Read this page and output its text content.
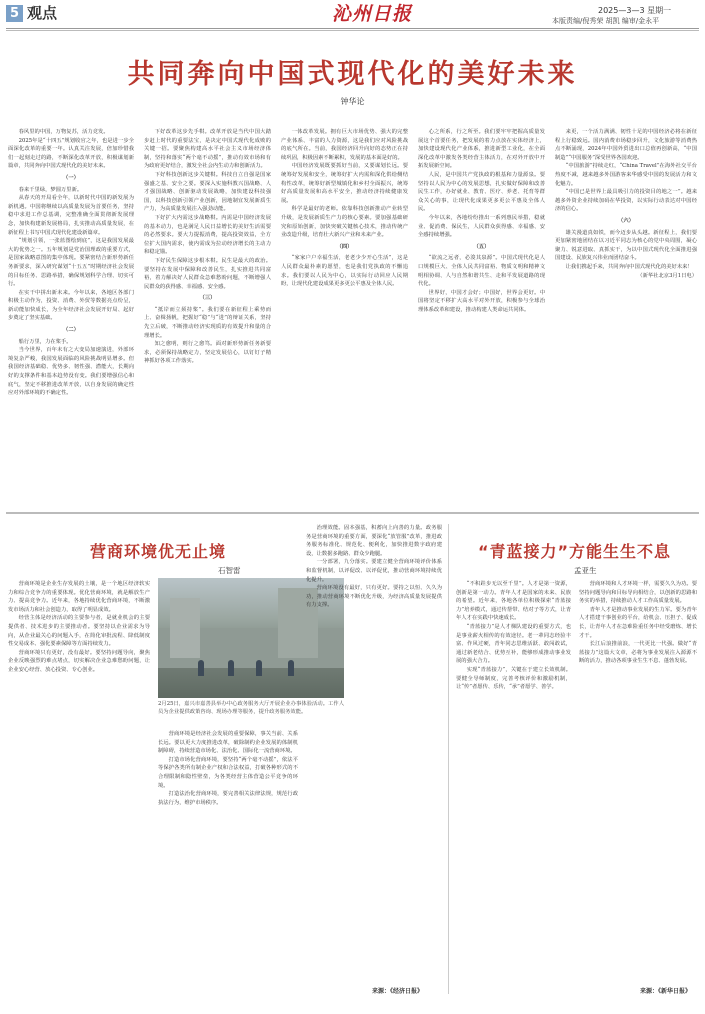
5 观点	沁州日报	2025—3—3 星期一
本版责编/倪秀荣 胡凯 编审/金永平
共同奔向中国式现代化的美好未来
钟华论

春风里的中国，万物复苏，活力竞发。

2025年是“十四五”规划收官之年，也是进一步全面深化改革的重要一年。认真关注发展，倍加珍惜我们一起刻走过的路，不断深化改革开放，积极谋划新篇章，共同奔向中国式现代化的美好未来。

（一）

春来千里绿，梦圆万里新。

从春天的开局看全年，以新时代中国的新发展为新机遇。中国将继续以高质量发展为首要任务，坚持稳中求进工作总基调，完整准确全面贯彻新发展理念，加快构建新发展格局，扎实推动高质量发展，在新征程上书写中国式现代化建设新篇章。

“规划引领，一张蓝图绘到底”，这是我国发展最大的优势之一。五年规划是党治国理政的重要方式，是国家战略意图的集中体现。要紧密结合新形势新任务新要求，深入研究谋划“十五五”时期经济社会发展的目标任务、思路举措，确保规划科学合理、切实可行。

在实干中拼出新未来。今年以来，各地区各部门积极主动作为，投资、消费、外贸等数据亮点纷呈，新动能加快成长，为全年经济社会发展开好局、起好步奠定了坚实基础。

（二）

船行万里，力在桨手。

当今世界，百年未有之大变局加速演进，外部环境复杂严峻，我国发展面临的风险挑战明显增多。但我国经济基础稳、优势多、韧性强、潜能大，长期向好的支撑条件和基本趋势没有变。我们要增强信心和底气，坚定不移推进改革开放，以自身发展的确定性应对外部环境的不确定性。

下好改革这步先手棋。改革开放是当代中国大踏步赶上时代的重要法宝，是决定中国式现代化成败的关键一招。要聚焦构建高水平社会主义市场经济体制，坚持和落实“两个毫不动摇”，推动有效市场和有为政府更好结合，激发全社会内生动力和创新活力。

下好科技创新这步关键棋。科技自立自强是国家强盛之基、安全之要。要深入实施科教兴国战略、人才强国战略、创新驱动发展战略，加快建设科技强国，以科技创新引领产业创新，因地制宜发展新质生产力，为高质量发展注入强劲动能。

下好扩大内需这步战略棋。内需是中国经济发展的基本动力，也是满足人民日益增长的美好生活需要的必然要求。要大力提振消费，提高投资效益，全方位扩大国内需求，使内需成为拉动经济增长的主动力和稳定锚。

下好民生保障这步根本棋。民生是最大的政治。要坚持在发展中保障和改善民生，扎实推进共同富裕，着力解决好人民群众急难愁盼问题，不断增强人民群众的获得感、幸福感、安全感。

（三）

“抵岸而立须持桨”。我们要在新征程上乘势而上、奋楫扬帆，把握好“稳”与“进”的辩证关系，坚持先立后破，不断推动经济实现质的有效提升和量的合理增长。

知之愈明，则行之愈笃。面对新形势新任务新要求，必须保持战略定力，坚定发展信心，以钉钉子精神抓好各项工作落实。

一体改革发展。拥有巨大市场优势、强大的完整产业体系、丰富的人力资源，这是我们应对风险挑战的底气所在。当前，我国经济回升向好的态势正在持续巩固，积极因素不断累积，发展的基本面是好的。

中国经济发展既要抓好当前，又要谋划长远。要统筹好发展和安全，统筹好扩大内需和深化供给侧结构性改革，统筹好新型城镇化和乡村全面振兴，统筹好高质量发展和高水平安全，推动经济持续健康发展。

科学是最好的老师。依靠科技创新推动产业转型升级，是发展新质生产力的核心要素。要加强基础研究和原始创新，加快突破关键核心技术，推动传统产业改造升级，培育壮大新兴产业和未来产业。

（四）

“家家户户幸福生活，老老少少开心生活”，这是人民群众最朴素的愿望，也是我们党执政的不懈追求。我们要以人民为中心，以实际行动回应人民期盼，让现代化建设成果更多更公平惠及全体人民。

心之所系，行之所至。我们要牢牢把握高质量发展这个首要任务，把发展的着力点放在实体经济上，加快建设现代化产业体系，推进新型工业化，在全面深化改革中激发各类经营主体活力，在对外开放中开拓发展新空间。

人民，是中国共产党执政的根基和力量源泉。要坚持以人民为中心的发展思想，扎实做好保障和改善民生工作，办好就业、教育、医疗、养老、托育等群众关心的事，让现代化成果更多更公平惠及全体人民。

今年以来，各地纷纷推出一系列惠民举措，稳就业、促消费、保民生，人民群众获得感、幸福感、安全感持续增强。

（五）

“欲流之远者，必浚其泉源”。中国式现代化是人口规模巨大、全体人民共同富裕、物质文明和精神文明相协调、人与自然和谐共生、走和平发展道路的现代化。

世界好，中国才会好；中国好，世界会更好。中国将坚定不移扩大高水平对外开放，积极参与全球治理体系改革和建设，推动构建人类命运共同体。

来更，一个活力满满、韧性十足的中国经济必将在新征程上行稳致远。国内消费市场稳步回升，文化旅游等消费热点不断涌现，2024年中国外贸进出口总值再创新高，“中国制造”“中国服务”深受世界各国欢迎。

“中国旅游”持续走红，“China Travel”在海外社交平台热度不减，越来越多外国游客来华感受中国的发展活力和文化魅力。

“中国已是世界上最具吸引力的投资目的地之一”。越来越多外资企业持续加码在华投资，以实际行动表达对中国经济的信心。

（六）

雄关漫道真如铁，而今迈步从头越。新征程上，我们要更加紧密地团结在以习近平同志为核心的党中央周围，凝心聚力、锐意进取、真抓实干，为以中国式现代化全面推进强国建设、民族复兴伟业而团结奋斗。

让我们携起手来，共同奔向中国式现代化的美好未来！

（新华社北京3月1日电）

营商环境优无止境
石智雷

营商环境是企业生存发展的土壤，是一个地区经济软实力和综合竞争力的重要体现。优化营商环境，就是解放生产力、提高竞争力。近年来，各地持续优化营商环境，不断激发市场活力和社会创造力，取得了明显成效。

经营主体是经济活动的主要参与者，是就业机会的主要提供者、技术进步的主要推动者。要坚持以企业需求为导向，从企业最关心的问题入手，在简化审批流程、降低制度性交易成本、强化要素保障等方面持续发力。

营商环境只有更好，没有最好。要坚持问题导向，聚焦企业反映强烈的难点堵点，切实解决企业急难愁盼问题，让企业安心经营、放心投资、专心创业。

2月25日，嘉兴市嘉善县举办中心政务服务大厅开展企业办事体验活动。工作人员为企业提供政策咨询、现场办理等服务，提升政务服务效能。

营商环境是经济社会发展的重要保障，事关当前、关系长远。要以更大力度推进改革，破除制约企业发展的体制机制障碍，持续营造市场化、法治化、国际化一流营商环境。

打造市场化营商环境，要坚持“两个毫不动摇”，依法平等保护各类所有制企业产权和合法权益，打破各种形式的不合理限制和隐性壁垒，为各类经营主体营造公平竞争的环境。

打造法治化营商环境，要完善相关法律法规，规范行政执法行为，维护市场秩序。

治理效能。固本强基，积蓄向上向善的力量。政务服务是营商环境的重要方面，要深化“放管服”改革，推进政务服务标准化、规范化、便利化，加快推进数字政府建设，让数据多跑路、群众少跑腿。

一分部署，九分落实。要建立健全营商环境评价体系和监督机制，以评促改、以评促优，推动营商环境持续优化提升。

营商环境没有最好，只有更好。要持之以恒、久久为功，推动营商环境不断优化升级，为经济高质量发展提供有力支撑。

来源：《经济日报》
“青蓝接力”方能生生不息
孟亚生

“不积跬步无以至千里”。人才是第一资源，创新是第一动力。青年人才是国家的未来、民族的希望。近年来，各地各单位积极探索“青蓝接力”培养模式，通过传帮带、结对子等方式，让青年人才在实践中快速成长。

“青蓝接力”是人才梯队建设的重要方式，也是事业薪火相传的有效途径。老一辈同志经验丰富、作风过硬，青年同志思维活跃、敢闯敢试，通过新老结合、优势互补，能够形成推动事业发展的强大合力。

实现“青蓝接力”，关键在于建立长效机制。要健全导师制度，完善考核评价和激励机制，让“传”者愿传、乐传，“承”者愿学、善学。

营商环境和人才环境一样，需要久久为功。要坚持问题导向和目标导向相结合，以创新的思路和务实的举措，持续推动人才工作高质量发展。

青年人才是推动事业发展的生力军。要为青年人才搭建干事创业的平台，给机会、压担子、促成长，让青年人才在急难险重任务中经受磨炼、增长才干。

长江后浪推前浪，一代更比一代强。做好“青蓝接力”这篇大文章，必将为事业发展注入源源不断的活力，推动各项事业生生不息、蓬勃发展。

来源：《新华日报》
